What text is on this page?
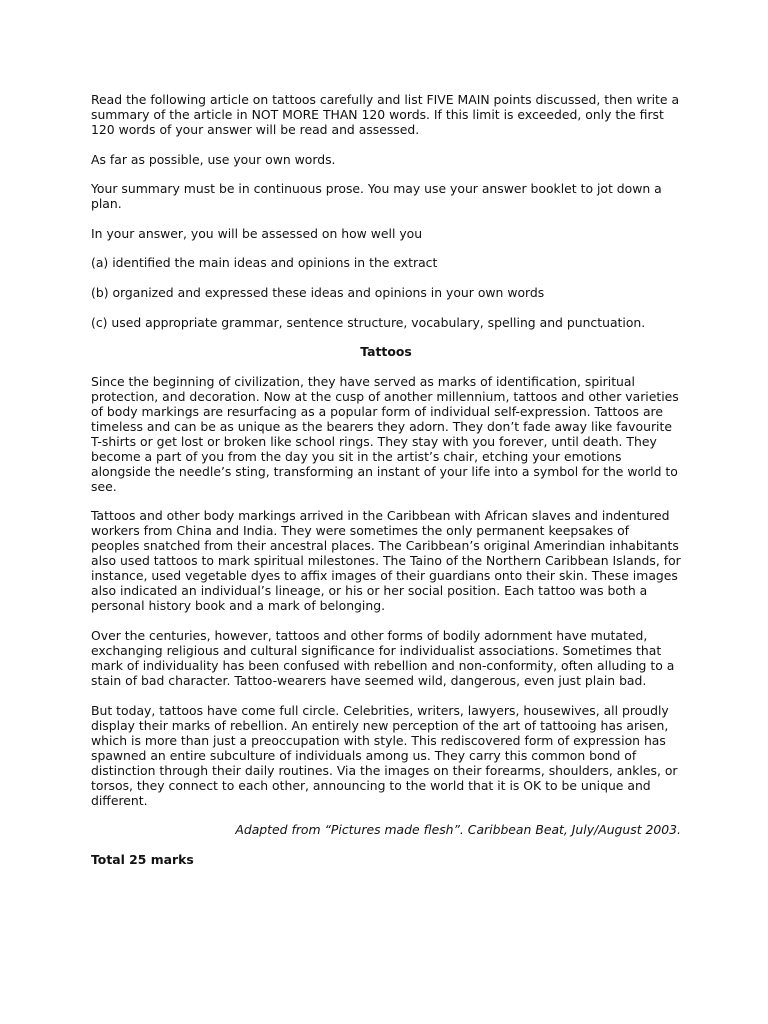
Read the following article on tattoos carefully and list FIVE MAIN points discussed, then write a summary of the article in NOT MORE THAN 120 words. If this limit is exceeded, only the first 120 words of your answer will be read and assessed.

As far as possible, use your own words.

Your summary must be in continuous prose. You may use your answer booklet to jot down a plan.

In your answer, you will be assessed on how well you

(a) identified the main ideas and opinions in the extract

(b) organized and expressed these ideas and opinions in your own words

(c) used appropriate grammar, sentence structure, vocabulary, spelling and punctuation.

Tattoos

Since the beginning of civilization, they have served as marks of identification, spiritual protection, and decoration. Now at the cusp of another millennium, tattoos and other varieties of body markings are resurfacing as a popular form of individual self-expression. Tattoos are timeless and can be as unique as the bearers they adorn. They don’t fade away like favourite T-shirts or get lost or broken like school rings. They stay with you forever, until death. They become a part of you from the day you sit in the artist’s chair, etching your emotions alongside the needle’s sting, transforming an instant of your life into a symbol for the world to see.

Tattoos and other body markings arrived in the Caribbean with African slaves and indentured workers from China and India. They were sometimes the only permanent keepsakes of peoples snatched from their ancestral places. The Caribbean’s original Amerindian inhabitants also used tattoos to mark spiritual milestones. The Taino of the Northern Caribbean Islands, for instance, used vegetable dyes to affix images of their guardians onto their skin. These images also indicated an individual’s lineage, or his or her social position. Each tattoo was both a personal history book and a mark of belonging.

Over the centuries, however, tattoos and other forms of bodily adornment have mutated, exchanging religious and cultural significance for individualist associations. Sometimes that mark of individuality has been confused with rebellion and non-conformity, often alluding to a stain of bad character. Tattoo-wearers have seemed wild, dangerous, even just plain bad.

But today, tattoos have come full circle. Celebrities, writers, lawyers, housewives, all proudly display their marks of rebellion. An entirely new perception of the art of tattooing has arisen, which is more than just a preoccupation with style. This rediscovered form of expression has spawned an entire subculture of individuals among us. They carry this common bond of distinction through their daily routines. Via the images on their forearms, shoulders, ankles, or torsos, they connect to each other, announcing to the world that it is OK to be unique and different.

Adapted from “Pictures made flesh”. Caribbean Beat, July/August 2003.

Total 25 marks
